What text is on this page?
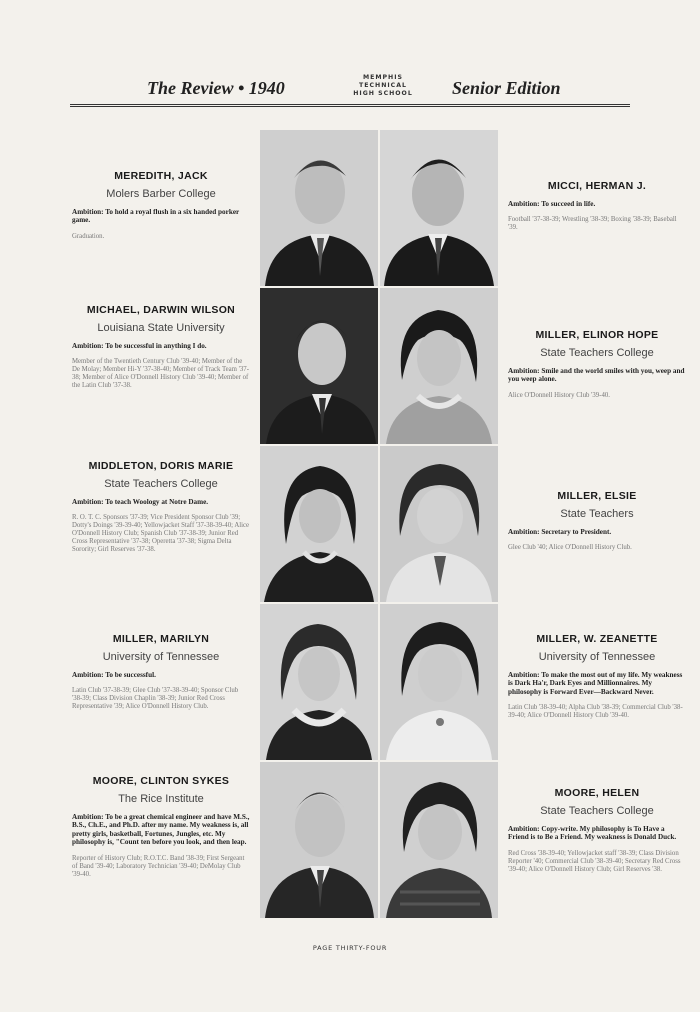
The Review • 1940
MEMPHIS
TECHNICAL
HIGH SCHOOL	Senior Edition
MEREDITH, JACK
Molers Barber College
Ambition: To hold a royal flush in a six handed porker game.
Graduation.
MICCI, HERMAN J.
Ambition: To succeed in life.
Football '37-38-39; Wrestling '38-39; Boxing '38-39; Baseball '39.
MICHAEL, DARWIN WILSON
Louisiana State University
Ambition: To be successful in anything I do.
Member of the Twentieth Century Club '39-40; Member of the De Molay; Member Hi-Y '37-38-40; Member of Track Team '37-38; Member of Alice O'Donnell History Club '39-40; Member of the Latin Club '37-38.
MILLER, ELINOR HOPE
State Teachers College
Ambition: Smile and the world smiles with you, weep and you weep alone.
Alice O'Donnell History Club '39-40.
MIDDLETON, DORIS MARIE
State Teachers College
Ambition: To teach Woology at Notre Dame.
R. O. T. C. Sponsors '37-39; Vice President Sponsor Club '39; Dotty's Doings '39-39-40; Yellowjacket Staff '37-38-39-40; Alice O'Donnell History Club; Spanish Club '37-38-39; Junior Red Cross Representative '37-38; Operetta '37-38; Sigma Delta Sorority; Girl Reserves '37-38.
MILLER, ELSIE
State Teachers
Ambition: Secretary to President.
Glee Club '40; Alice O'Donnell History Club.
MILLER, MARILYN
University of Tennessee
Ambition: To be successful.
Latin Club '37-38-39; Glee Club '37-38-39-40; Sponsor Club '38-39; Class Division Chaplin '38-39; Junior Red Cross Representative '39; Alice O'Donnell History Club.
MILLER, W. ZEANETTE
University of Tennessee
Ambition: To make the most out of my life. My weakness is Dark Ha'r, Dark Eyes and Millionnaires. My philosophy is Forward Ever—Backward Never.
Latin Club '38-39-40; Alpha Club '38-39; Commercial Club '38-39-40; Alice O'Donnell History Club '39-40.
MOORE, CLINTON SYKES
The Rice Institute
Ambition: To be a great chemical engineer and have M.S., B.S., Ch.E., and Ph.D. after my name. My weakness is, all pretty girls, basketball, Fortunes, Jungles, etc. My philosophy is, "Count ten before you look, and then leap.
Reporter of History Club; R.O.T.C. Band '38-39; First Sergeant of Band '39-40; Laboratory Technician '39-40; DeMolay Club '39-40.
MOORE, HELEN
State Teachers College
Ambition: Copy-write. My philosophy is To Have a Friend is to Be a Friend. My weakness is Donald Duck.
Red Cross '38-39-40; Yellowjacket staff '38-39; Class Division Reporter '40; Commercial Club '38-39-40; Secretary Red Cross '39-40; Alice O'Donnell History Club; Girl Reserves '38.
PAGE THIRTY-FOUR
